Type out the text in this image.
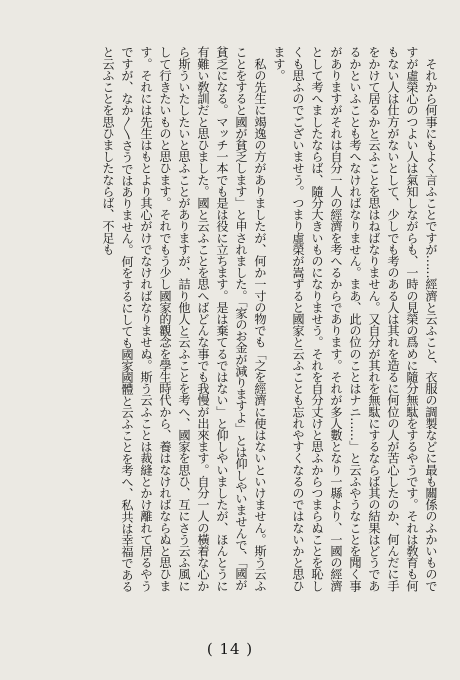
　それから何事にもよく言ふことですが……經濟と云ふこと、衣服の調製などに最も關係のふかいものですが虛榮心のつよい人は氣知しながらも、一時の見榮の爲めに隨分無駄をするやうです。それは敎育も何もない人は仕方がないとして、少しでも考のある人は其れを造るに何位の人が苦心したのか、何んだに手をかけて居るかと云ふことを思はねばなりません。又自分が其れを無駄にするならば其の結果はどうであるかといふことも考へなければなりません。まあ、此の位のことはナニ……」と云ふやうなことを聞く事がありますがそれは自分一人の經濟を考へるからであります。それが多人數となり一縣より、一國の經濟として考へましたならば、隨分大きいものになりませう。それを自分丈けと思ふからつまらぬことを恥しくも思ふのでございませう。つまり虛榮が嵩ずると國家と云ふことも忘れやすくなるのではないかと思ひます。

　私の先生に竭逸の方がありましたが、何か一寸の物でも「之を經濟に使はないといけません。斯う云ふことをすると國が貧乏します」と申されました。「家のお金が減りますよ」とは仰しやいませんで、「國が貧乏になる。マッチ一本でも是は役に立ちます。是は棄てるではない」と仰しやいましたが、ほんとうに有難い敎訓だと思ひました。國と云ふことを思へばどんな事でも我慢が出來ます。自分一人の橫着な心から斯ういたしたいと思ふことがありますが、詰り他人と云ふことを考へ、國家を思ひ、互にさう云ふ風にして行きたいものと思ひます。それでもう少し國家的觀念を學生時代から、養はなければならぬと思ひます。それには先生はもとより其心がけでなければなりませぬ。斯う云ふことは裁縫とかけ離れて居るやうですが、なか〳〵さうではありません。何をするにしても國家國體と云ふことを考へ、私共は幸福であると云ふことを思ひましたならば、不足も

( 14 )
